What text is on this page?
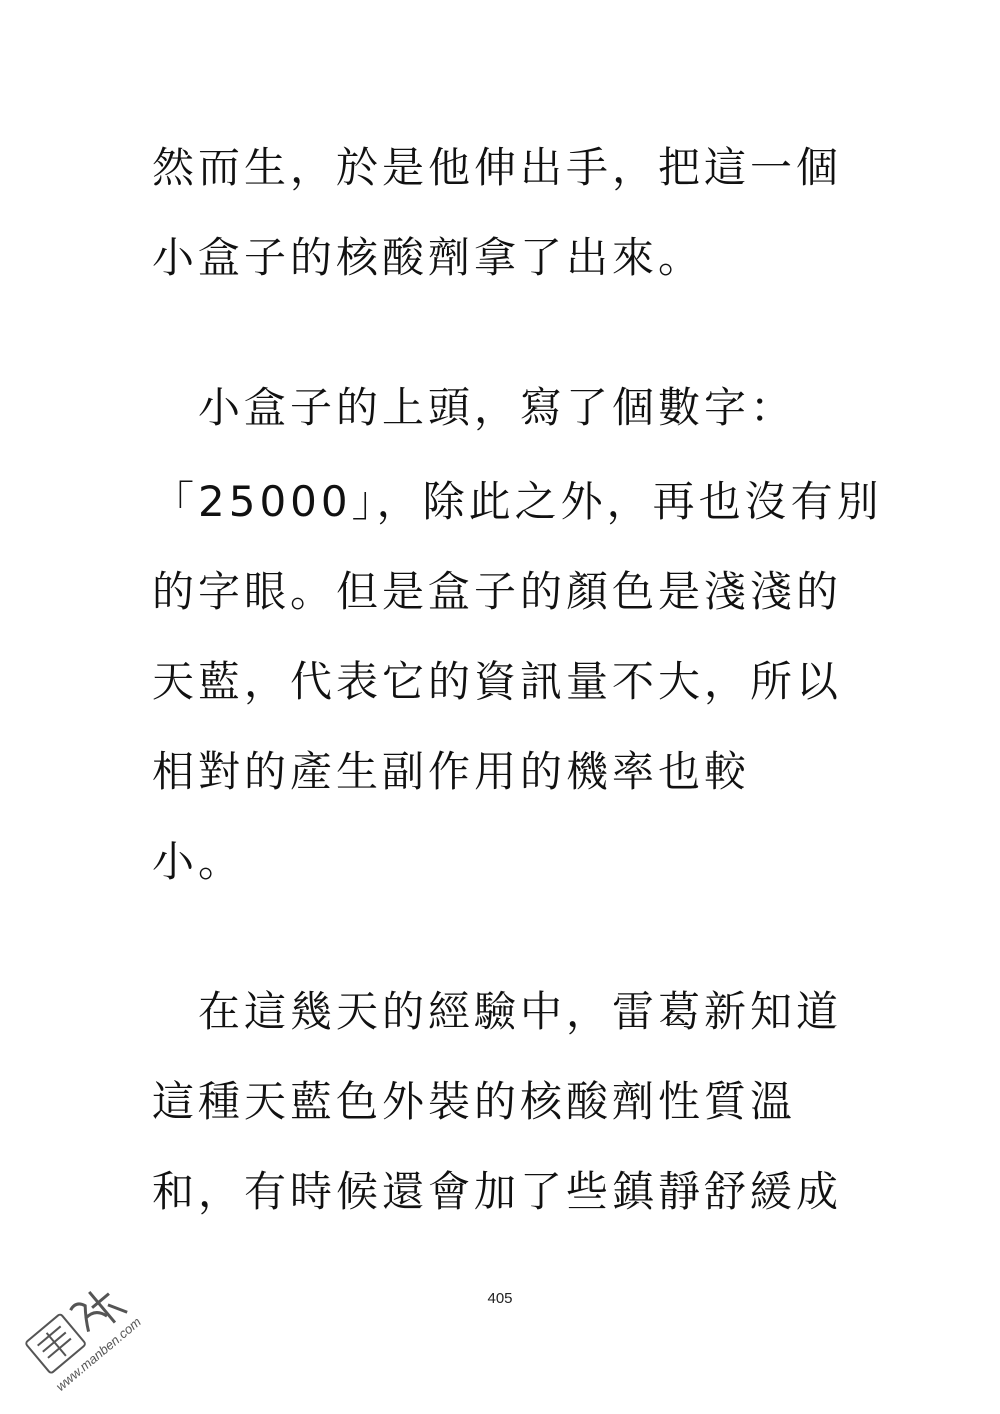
然而生，於是他伸出手，把這一個
小盒子的核酸劑拿了出來。
　小盒子的上頭，寫了個數字：
「25000」，除此之外，再也沒有別
的字眼。但是盒子的顏色是淺淺的
天藍，代表它的資訊量不大，所以
相對的產生副作用的機率也較
小。
　在這幾天的經驗中，雷葛新知道
這種天藍色外裝的核酸劑性質溫
和，有時候還會加了些鎮靜舒緩成
405
www.manben.com
